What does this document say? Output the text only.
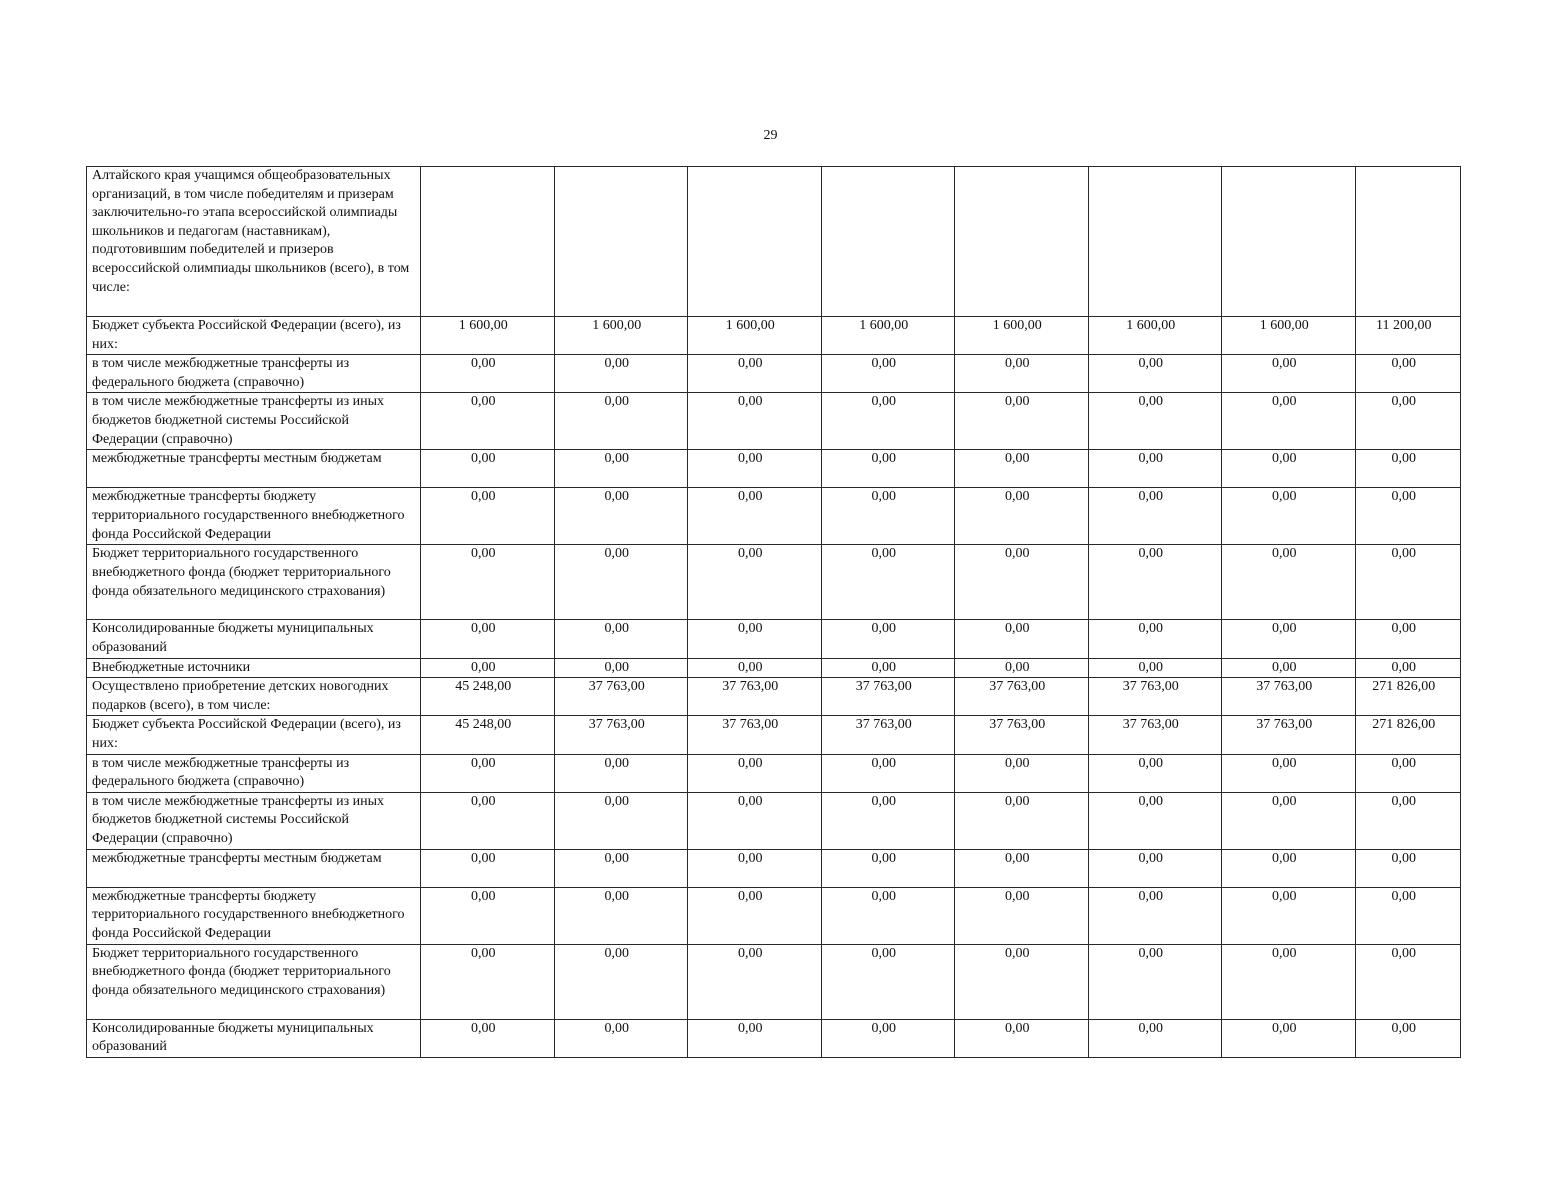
29
Алтайского края учащимся общеобразовательных организаций, в том числе победителям и призерам заключительно-го этапа всероссийской олимпиады школьников и педагогам (наставникам), подготовившим победителей и призеров всероссийской олимпиады школьников (всего), в том числе:								
Бюджет субъекта Российской Федерации (всего), из них:	1 600,00	1 600,00	1 600,00	1 600,00	1 600,00	1 600,00	1 600,00	11 200,00
в том числе межбюджетные трансферты из федерального бюджета (справочно)	0,00	0,00	0,00	0,00	0,00	0,00	0,00	0,00
в том числе межбюджетные трансферты из иных бюджетов бюджетной системы Российской Федерации (справочно)	0,00	0,00	0,00	0,00	0,00	0,00	0,00	0,00
межбюджетные трансферты местным бюджетам	0,00	0,00	0,00	0,00	0,00	0,00	0,00	0,00
межбюджетные трансферты бюджету территориального государственного внебюджетного фонда Российской Федерации	0,00	0,00	0,00	0,00	0,00	0,00	0,00	0,00
Бюджет территориального государственного внебюджетного фонда (бюджет территориального фонда обязательного медицинского страхования)	0,00	0,00	0,00	0,00	0,00	0,00	0,00	0,00
Консолидированные бюджеты муниципальных образований	0,00	0,00	0,00	0,00	0,00	0,00	0,00	0,00
Внебюджетные источники	0,00	0,00	0,00	0,00	0,00	0,00	0,00	0,00
Осуществлено приобретение детских новогодних подарков (всего), в том числе:	45 248,00	37 763,00	37 763,00	37 763,00	37 763,00	37 763,00	37 763,00	271 826,00
Бюджет субъекта Российской Федерации (всего), из них:	45 248,00	37 763,00	37 763,00	37 763,00	37 763,00	37 763,00	37 763,00	271 826,00
в том числе межбюджетные трансферты из федерального бюджета (справочно)	0,00	0,00	0,00	0,00	0,00	0,00	0,00	0,00
в том числе межбюджетные трансферты из иных бюджетов бюджетной системы Российской Федерации (справочно)	0,00	0,00	0,00	0,00	0,00	0,00	0,00	0,00
межбюджетные трансферты местным бюджетам	0,00	0,00	0,00	0,00	0,00	0,00	0,00	0,00
межбюджетные трансферты бюджету территориального государственного внебюджетного фонда Российской Федерации	0,00	0,00	0,00	0,00	0,00	0,00	0,00	0,00
Бюджет территориального государственного внебюджетного фонда (бюджет территориального фонда обязательного медицинского страхования)	0,00	0,00	0,00	0,00	0,00	0,00	0,00	0,00
Консолидированные бюджеты муниципальных образований	0,00	0,00	0,00	0,00	0,00	0,00	0,00	0,00
